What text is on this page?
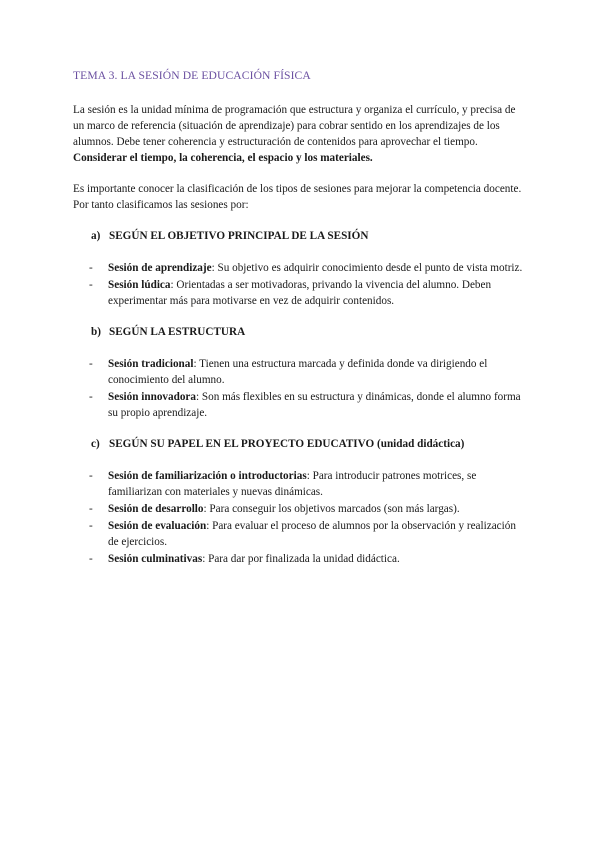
TEMA 3. LA SESIÓN DE EDUCACIÓN FÍSICA

La sesión es la unidad mínima de programación que estructura y organiza el currículo, y precisa de un marco de referencia (situación de aprendizaje) para cobrar sentido en los aprendizajes de los alumnos. Debe tener coherencia y estructuración de contenidos para aprovechar el tiempo. Considerar el tiempo, la coherencia, el espacio y los materiales.

Es importante conocer la clasificación de los tipos de sesiones para mejorar la competencia docente. Por tanto clasificamos las sesiones por:

a) SEGÚN EL OBJETIVO PRINCIPAL DE LA SESIÓN
-	Sesión de aprendizaje: Su objetivo es adquirir conocimiento desde el punto de vista motriz.
-	Sesión lúdica: Orientadas a ser motivadoras, privando la vivencia del alumno. Deben experimentar más para motivarse en vez de adquirir contenidos.
b) SEGÚN LA ESTRUCTURA
-	Sesión tradicional: Tienen una estructura marcada y definida donde va dirigiendo el conocimiento del alumno.
-	Sesión innovadora: Son más flexibles en su estructura y dinámicas, donde el alumno forma su propio aprendizaje.
c) SEGÚN SU PAPEL EN EL PROYECTO EDUCATIVO (unidad didáctica)
-	Sesión de familiarización o introductorias: Para introducir patrones motrices, se familiarizan con materiales y nuevas dinámicas.
-	Sesión de desarrollo: Para conseguir los objetivos marcados (son más largas).
-	Sesión de evaluación: Para evaluar el proceso de alumnos por la observación y realización de ejercicios.
-	Sesión culminativas: Para dar por finalizada la unidad didáctica.
